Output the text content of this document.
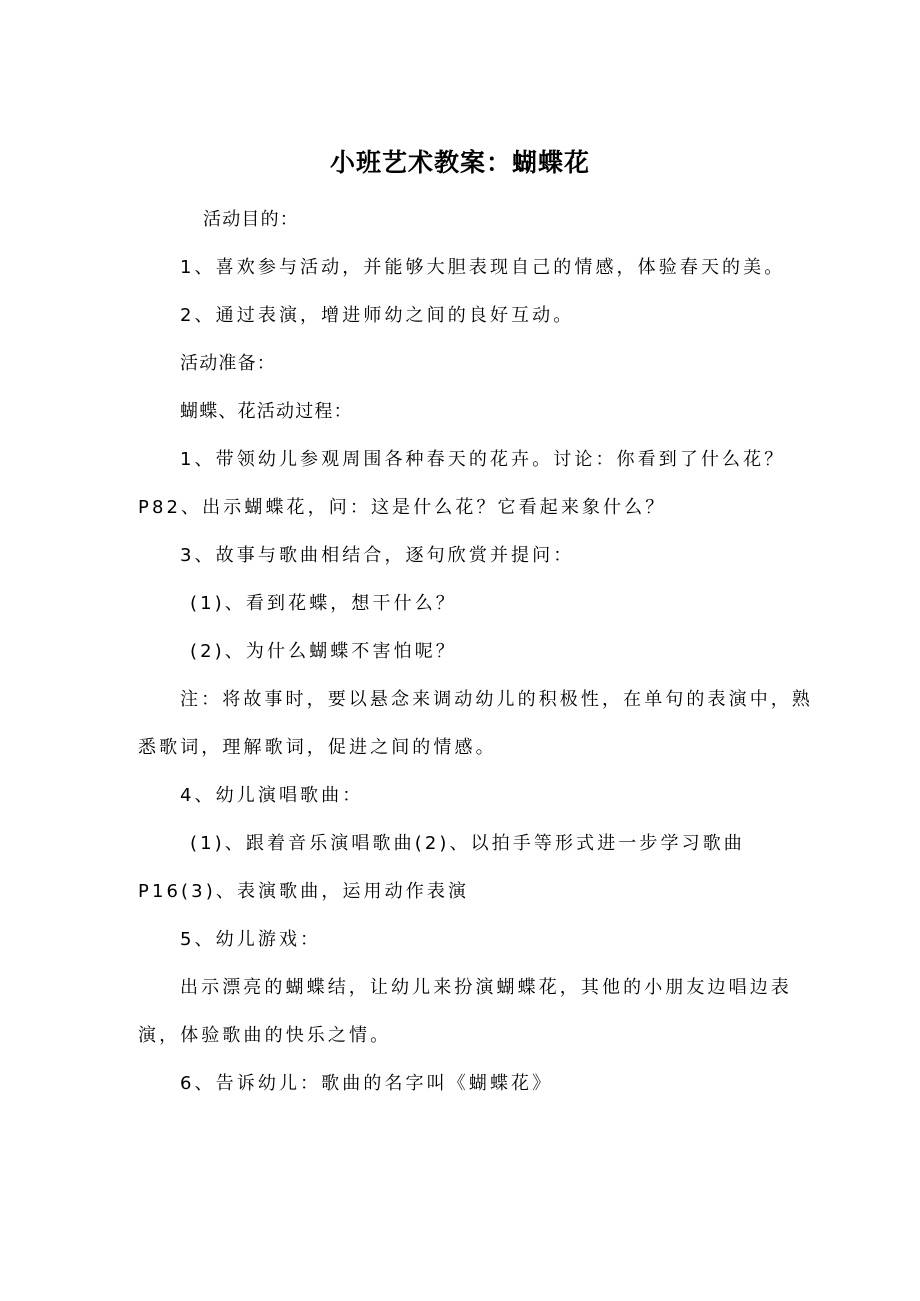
小班艺术教案：蝴蝶花
活动目的：
1、喜欢参与活动，并能够大胆表现自己的情感，体验春天的美。
2、通过表演，增进师幼之间的良好互动。
活动准备：
蝴蝶、花活动过程：
1、带领幼儿参观周围各种春天的花卉。讨论：你看到了什么花？
P82、出示蝴蝶花，问：这是什么花？它看起来象什么？
3、故事与歌曲相结合，逐句欣赏并提问：
(1)、看到花蝶，想干什么？
(2)、为什么蝴蝶不害怕呢？
注：将故事时，要以悬念来调动幼儿的积极性，在单句的表演中，熟
悉歌词，理解歌词，促进之间的情感。
4、幼儿演唱歌曲：
(1)、跟着音乐演唱歌曲(2)、以拍手等形式进一步学习歌曲
P16(3)、表演歌曲，运用动作表演
5、幼儿游戏：
出示漂亮的蝴蝶结，让幼儿来扮演蝴蝶花，其他的小朋友边唱边表
演，体验歌曲的快乐之情。
6、告诉幼儿：歌曲的名字叫《蝴蝶花》
